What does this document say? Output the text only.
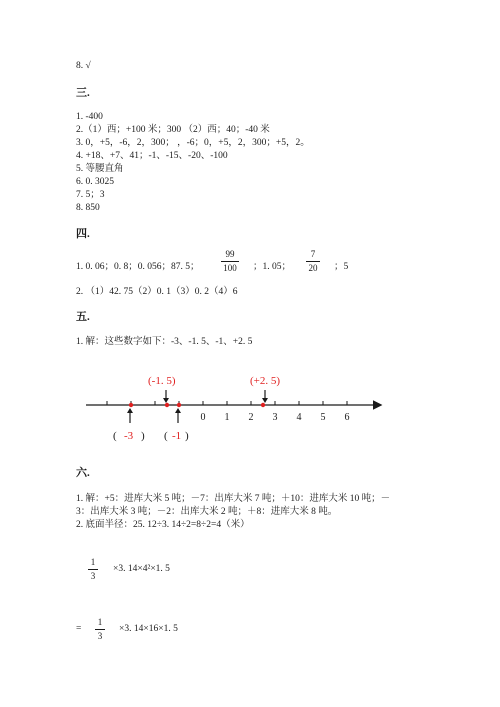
8. √
三.
1. -400
2.（1）西；+100 米；300 （2）西；40；-40 米
3. 0，+5，-6，2，300； ，-6；0，+5，2，300；+5，2。
4. +18、+7、41；-1、-15、-20、-100
5. 等腰直角
6. 0. 3025
7. 5；3
8. 850
四.
1. 0. 06；0. 8；0. 056；87. 5；
99
100 ；1. 05；
7
20 ；5
2. （1）42. 75（2）0. 1（3）0. 2（4）6
五.
1. 解：这些数字如下：-3、-1. 5、-1、+2. 5
0 1 2 3 4 5 6
(-1. 5)	(+2. 5)
( -3 ) ( -1 )
六.
1. 解：+5：进库大米 5 吨；－7：出库大米 7 吨；＋10：进库大米 10 吨；－
3：出库大米 3 吨；－2：出库大米 2 吨；＋8：进库大米 8 吨。
2. 底面半径：25. 12÷3. 14÷2=8÷2=4（米）
1
3
×3. 14×4²×1. 5
=
1
3
×3. 14×16×1. 5
